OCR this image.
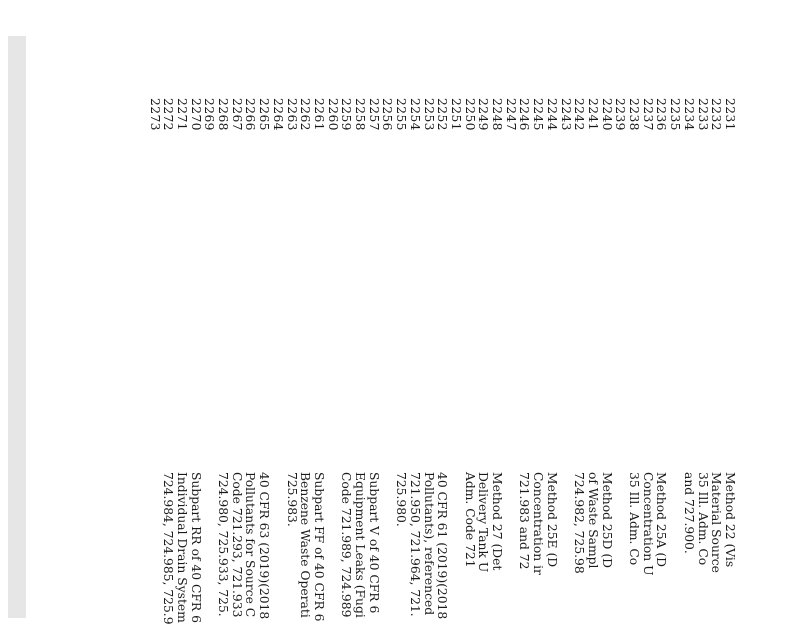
2231
Method 22 (Vis
2232
Material Source
2233
35 Ill. Adm. Co
2234
and 727.900.
2235
2236
Method 25A (D
2237
Concentration U
2238
35 Ill. Adm. Co
2239
2240
Method 25D (D
2241
of Waste Sampl
2242
724.982, 725.98
2243
2244
Method 25E (D
2245
Concentration ir
2246
721.983 and 72
2247
2248
Method 27 (Det
2249
Delivery Tank U
2250
Adm. Code 721
2251
2252
40 CFR 61 (2019)(2018
2253
Pollutants), referenced
2254
721.950, 721.964, 721.
2255
725.980.
2256
2257
Subpart V of 40 CFR 6
2258
Equipment Leaks (Fugi
2259
Code 721.989, 724.989
2260
2261
Subpart FF of 40 CFR 6
2262
Benzene Waste Operati
2263
725.983.
2264
2265
40 CFR 63 (2019)(2018
2266
Pollutants for Source C
2267
Code 721.293, 721.933
2268
724.980, 725.933, 725.
2269
2270
Subpart RR of 40 CFR 6
2271
Individual Drain System
2272
724.984, 724.985, 725.9
2273
